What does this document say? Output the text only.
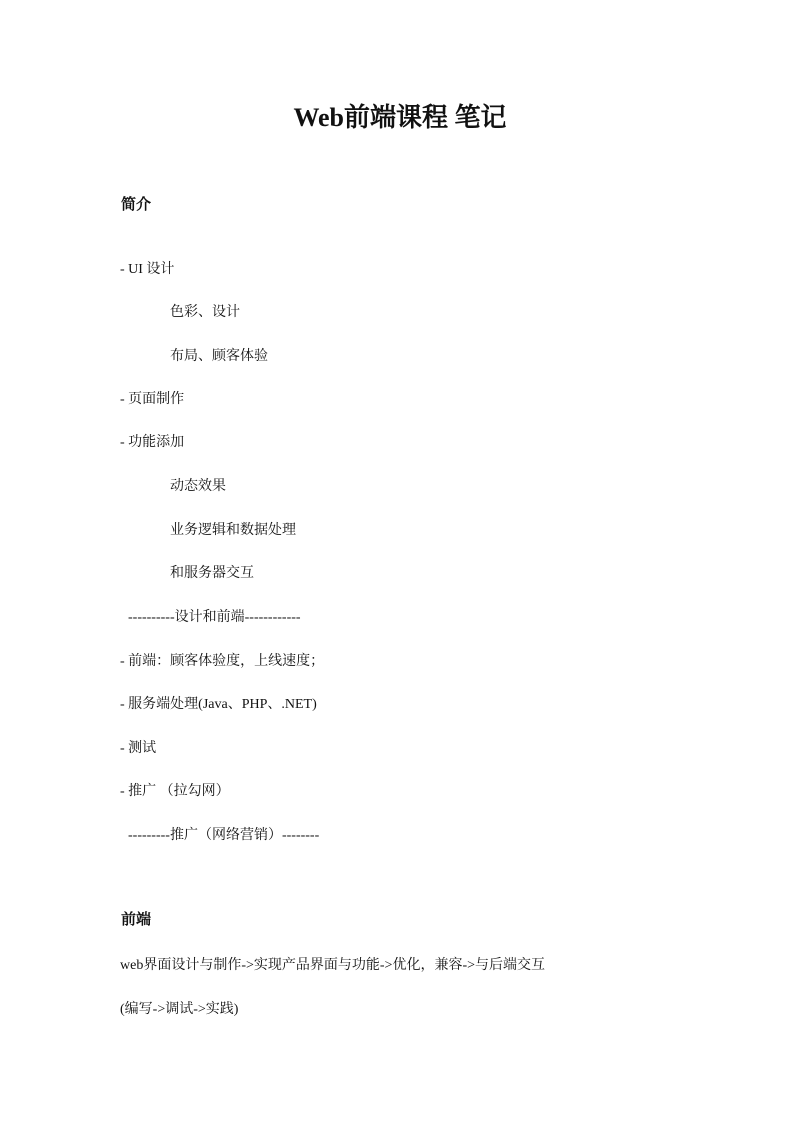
Web前端课程 笔记
简介
- UI 设计
色彩、设计
布局、顾客体验
- 页面制作
- 功能添加
动态效果
业务逻辑和数据处理
和服务器交互
----------设计和前端------------
- 前端：顾客体验度，上线速度；
- 服务端处理(Java、PHP、.NET)
- 测试
- 推广 （拉勾网）
---------推广（网络营销）--------
前端
web界面设计与制作->实现产品界面与功能->优化，兼容->与后端交互
(编写->调试->实践)
